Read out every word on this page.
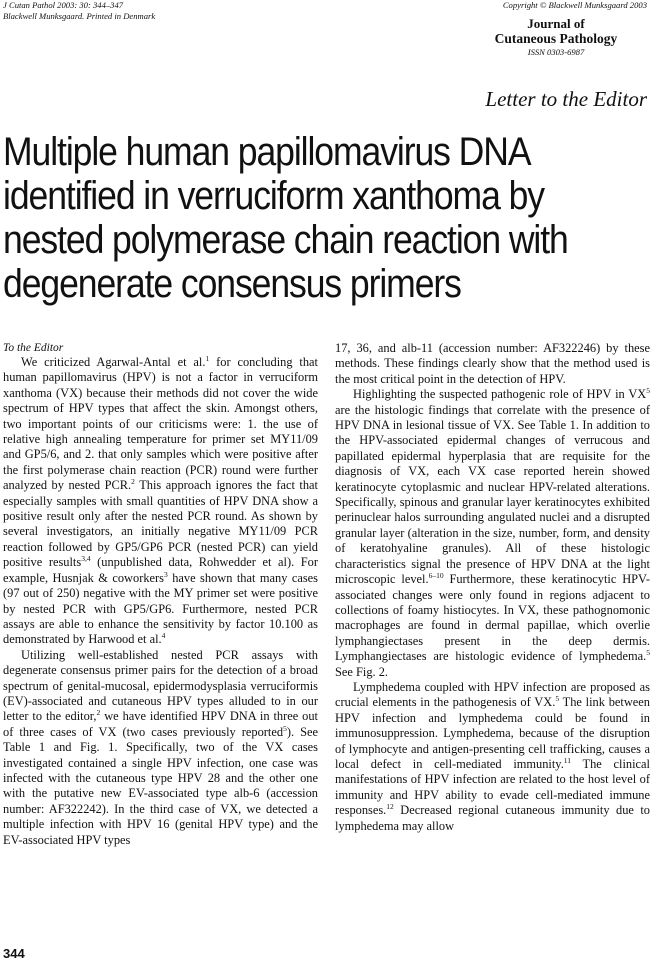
J Cutan Pathol 2003: 30: 344–347
Blackwell Munksgaard. Printed in Denmark
Copyright © Blackwell Munksgaard 2003
Journal of
Cutaneous Pathology
ISSN 0303-6987
Letter to the Editor
Multiple human papillomavirus DNA identified in verruciform xanthoma by nested polymerase chain reaction with degenerate consensus primers
To the Editor

We criticized Agarwal-Antal et al.$^1$ for concluding that human papillomavirus (HPV) is not a factor in verruciform xanthoma (VX) because their methods did not cover the wide spectrum of HPV types that affect the skin. Amongst others, two important points of our criticisms were: 1. the use of relative high annealing temperature for primer set MY11/09 and GP5/6, and 2. that only samples which were positive after the first polymerase chain reaction (PCR) round were further analyzed by nested PCR.$^2$ This approach ignores the fact that especially samples with small quantities of HPV DNA show a positive result only after the nested PCR round. As shown by several investigators, an initially negative MY11/09 PCR reaction followed by GP5/GP6 PCR (nested PCR) can yield positive results$^{3,4}$ (unpublished data, Rohwedder et al). For example, Husnjak & coworkers$^3$ have shown that many cases (97 out of 250) negative with the MY primer set were positive by nested PCR with GP5/GP6. Furthermore, nested PCR assays are able to enhance the sensitivity by factor 10.100 as demonstrated by Harwood et al.$^4$

Utilizing well-established nested PCR assays with degenerate consensus primer pairs for the detection of a broad spectrum of genital-mucosal, epidermodysplasia verruciformis (EV)-associated and cutaneous HPV types alluded to in our letter to the editor,$^2$ we have identified HPV DNA in three out of three cases of VX (two cases previously reported$^5$). See Table 1 and Fig. 1. Specifically, two of the VX cases investigated contained a single HPV infection, one case was infected with the cutaneous type HPV 28 and the other one with the putative new EV-associated type alb-6 (accession number: AF322242). In the third case of VX, we detected a multiple infection with HPV 16 (genital HPV type) and the EV-associated HPV types

17, 36, and alb-11 (accession number: AF322246) by these methods. These findings clearly show that the method used is the most critical point in the detection of HPV.

Highlighting the suspected pathogenic role of HPV in $VX^5$ are the histologic findings that correlate with the presence of HPV DNA in lesional tissue of VX. See Table 1. In addition to the HPV-associated epidermal changes of verrucous and papillated epidermal hyperplasia that are requisite for the diagnosis of VX, each VX case reported herein showed keratinocyte cytoplasmic and nuclear HPV-related alterations. Specifically, spinous and granular layer keratinocytes exhibited perinuclear halos surrounding angulated nuclei and a disrupted granular layer (alteration in the size, number, form, and density of keratohyaline granules). All of these histologic characteristics signal the presence of HPV DNA at the light microscopic level.$^{6-10}$ Furthermore, these keratinocytic HPV-associated changes were only found in regions adjacent to collections of foamy histiocytes. In VX, these pathognomonic macrophages are found in dermal papillae, which overlie lymphangiectases present in the deep dermis. Lymphangiectases are histologic evidence of lymphedema.$^5$ See Fig. 2.

Lymphedema coupled with HPV infection are proposed as crucial elements in the pathogenesis of VX.$^5$ The link between HPV infection and lymphedema could be found in immunosuppression. Lymphedema, because of the disruption of lymphocyte and antigen-presenting cell trafficking, causes a local defect in cell-mediated immunity.$^{11}$ The clinical manifestations of HPV infection are related to the host level of immunity and HPV ability to evade cell-mediated immune responses.$^{12}$ Decreased regional cutaneous immunity due to lymphedema may allow

344
